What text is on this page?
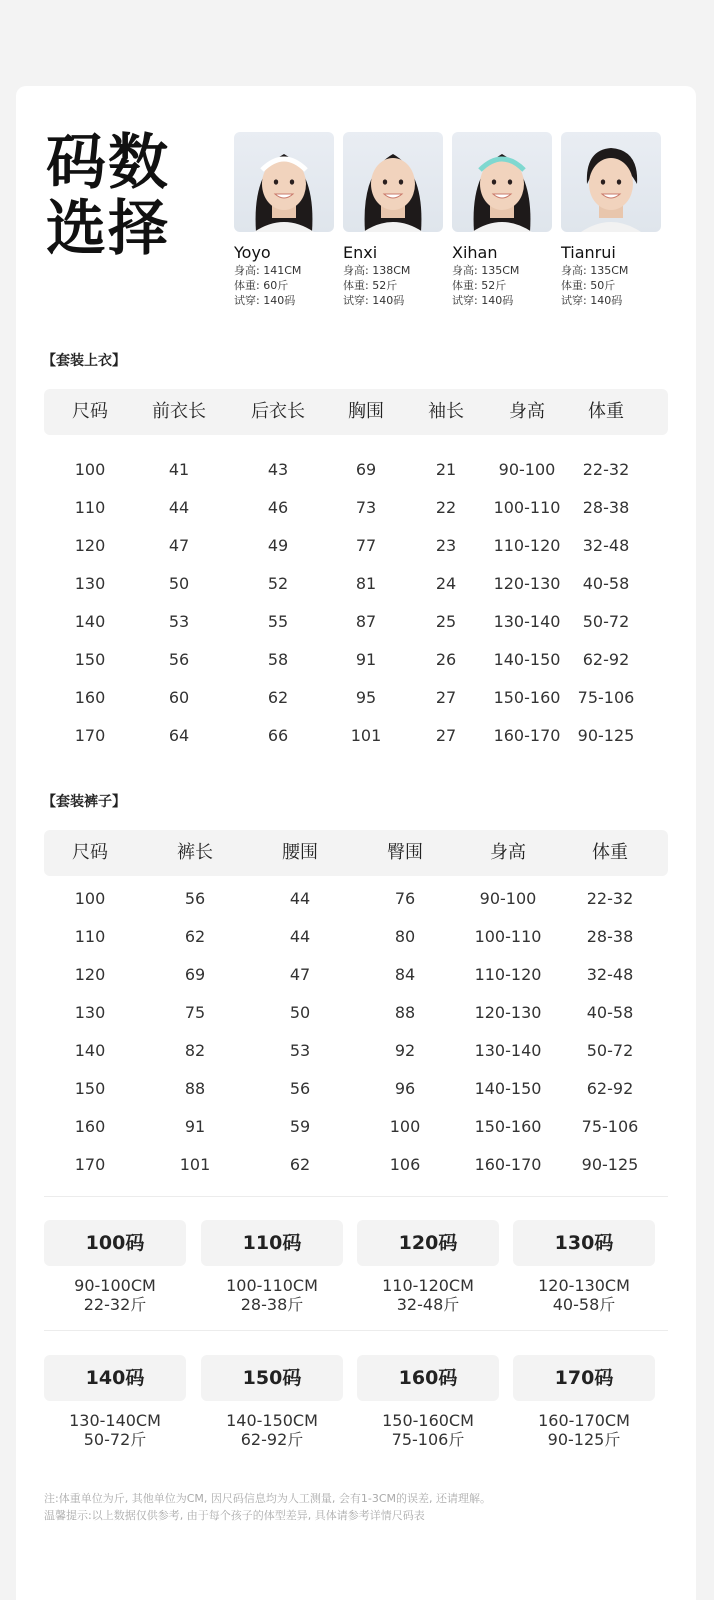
码数
选择	Yoyo
身高: 141CM
体重: 60斤
试穿: 140码
Enxi
身高: 138CM
体重: 52斤
试穿: 140码
Xihan
身高: 135CM
体重: 52斤
试穿: 140码
Tianrui
身高: 135CM
体重: 50斤
试穿: 140码
【套装上衣】
尺码 前衣长	后衣长 胸围 袖长	身高 体重
100	41	43	69	21	90-100 22-32
110	44	46	73	22 100-110 28-38
120	47	49	77	23 110-120 32-48
130	50	52	81	24 120-130 40-58
140	53	55	87	25 130-140 50-72
150	56	58	91	26 140-150 62-92
160	60	62	95	27 150-160 75-106
170	64	66	101	27 160-170 90-125
【套装裤子】
尺码	裤长	腰围	臀围	身高	体重
100	56	44	76	90-100	22-32
110	62	44	80	100-110	28-38
120	69	47	84	110-120	32-48
130	75	50	88	120-130	40-58
140	82	53	92	130-140	50-72
150	88	56	96	140-150	62-92
160	91	59	100	150-160	75-106
170	101	62	106	160-170	90-125
100码
90-100CM
22-32斤
110码
100-110CM
28-38斤
120码
110-120CM
32-48斤
130码
120-130CM
40-58斤
140码
130-140CM
50-72斤
150码
140-150CM
62-92斤
160码
150-160CM
75-106斤
170码
160-170CM
90-125斤
注:体重单位为斤, 其他单位为CM, 因尺码信息均为人工测量, 会有1-3CM的误差, 还请理解。
温馨提示:以上数据仅供参考, 由于每个孩子的体型差异, 具体请参考详情尺码表
